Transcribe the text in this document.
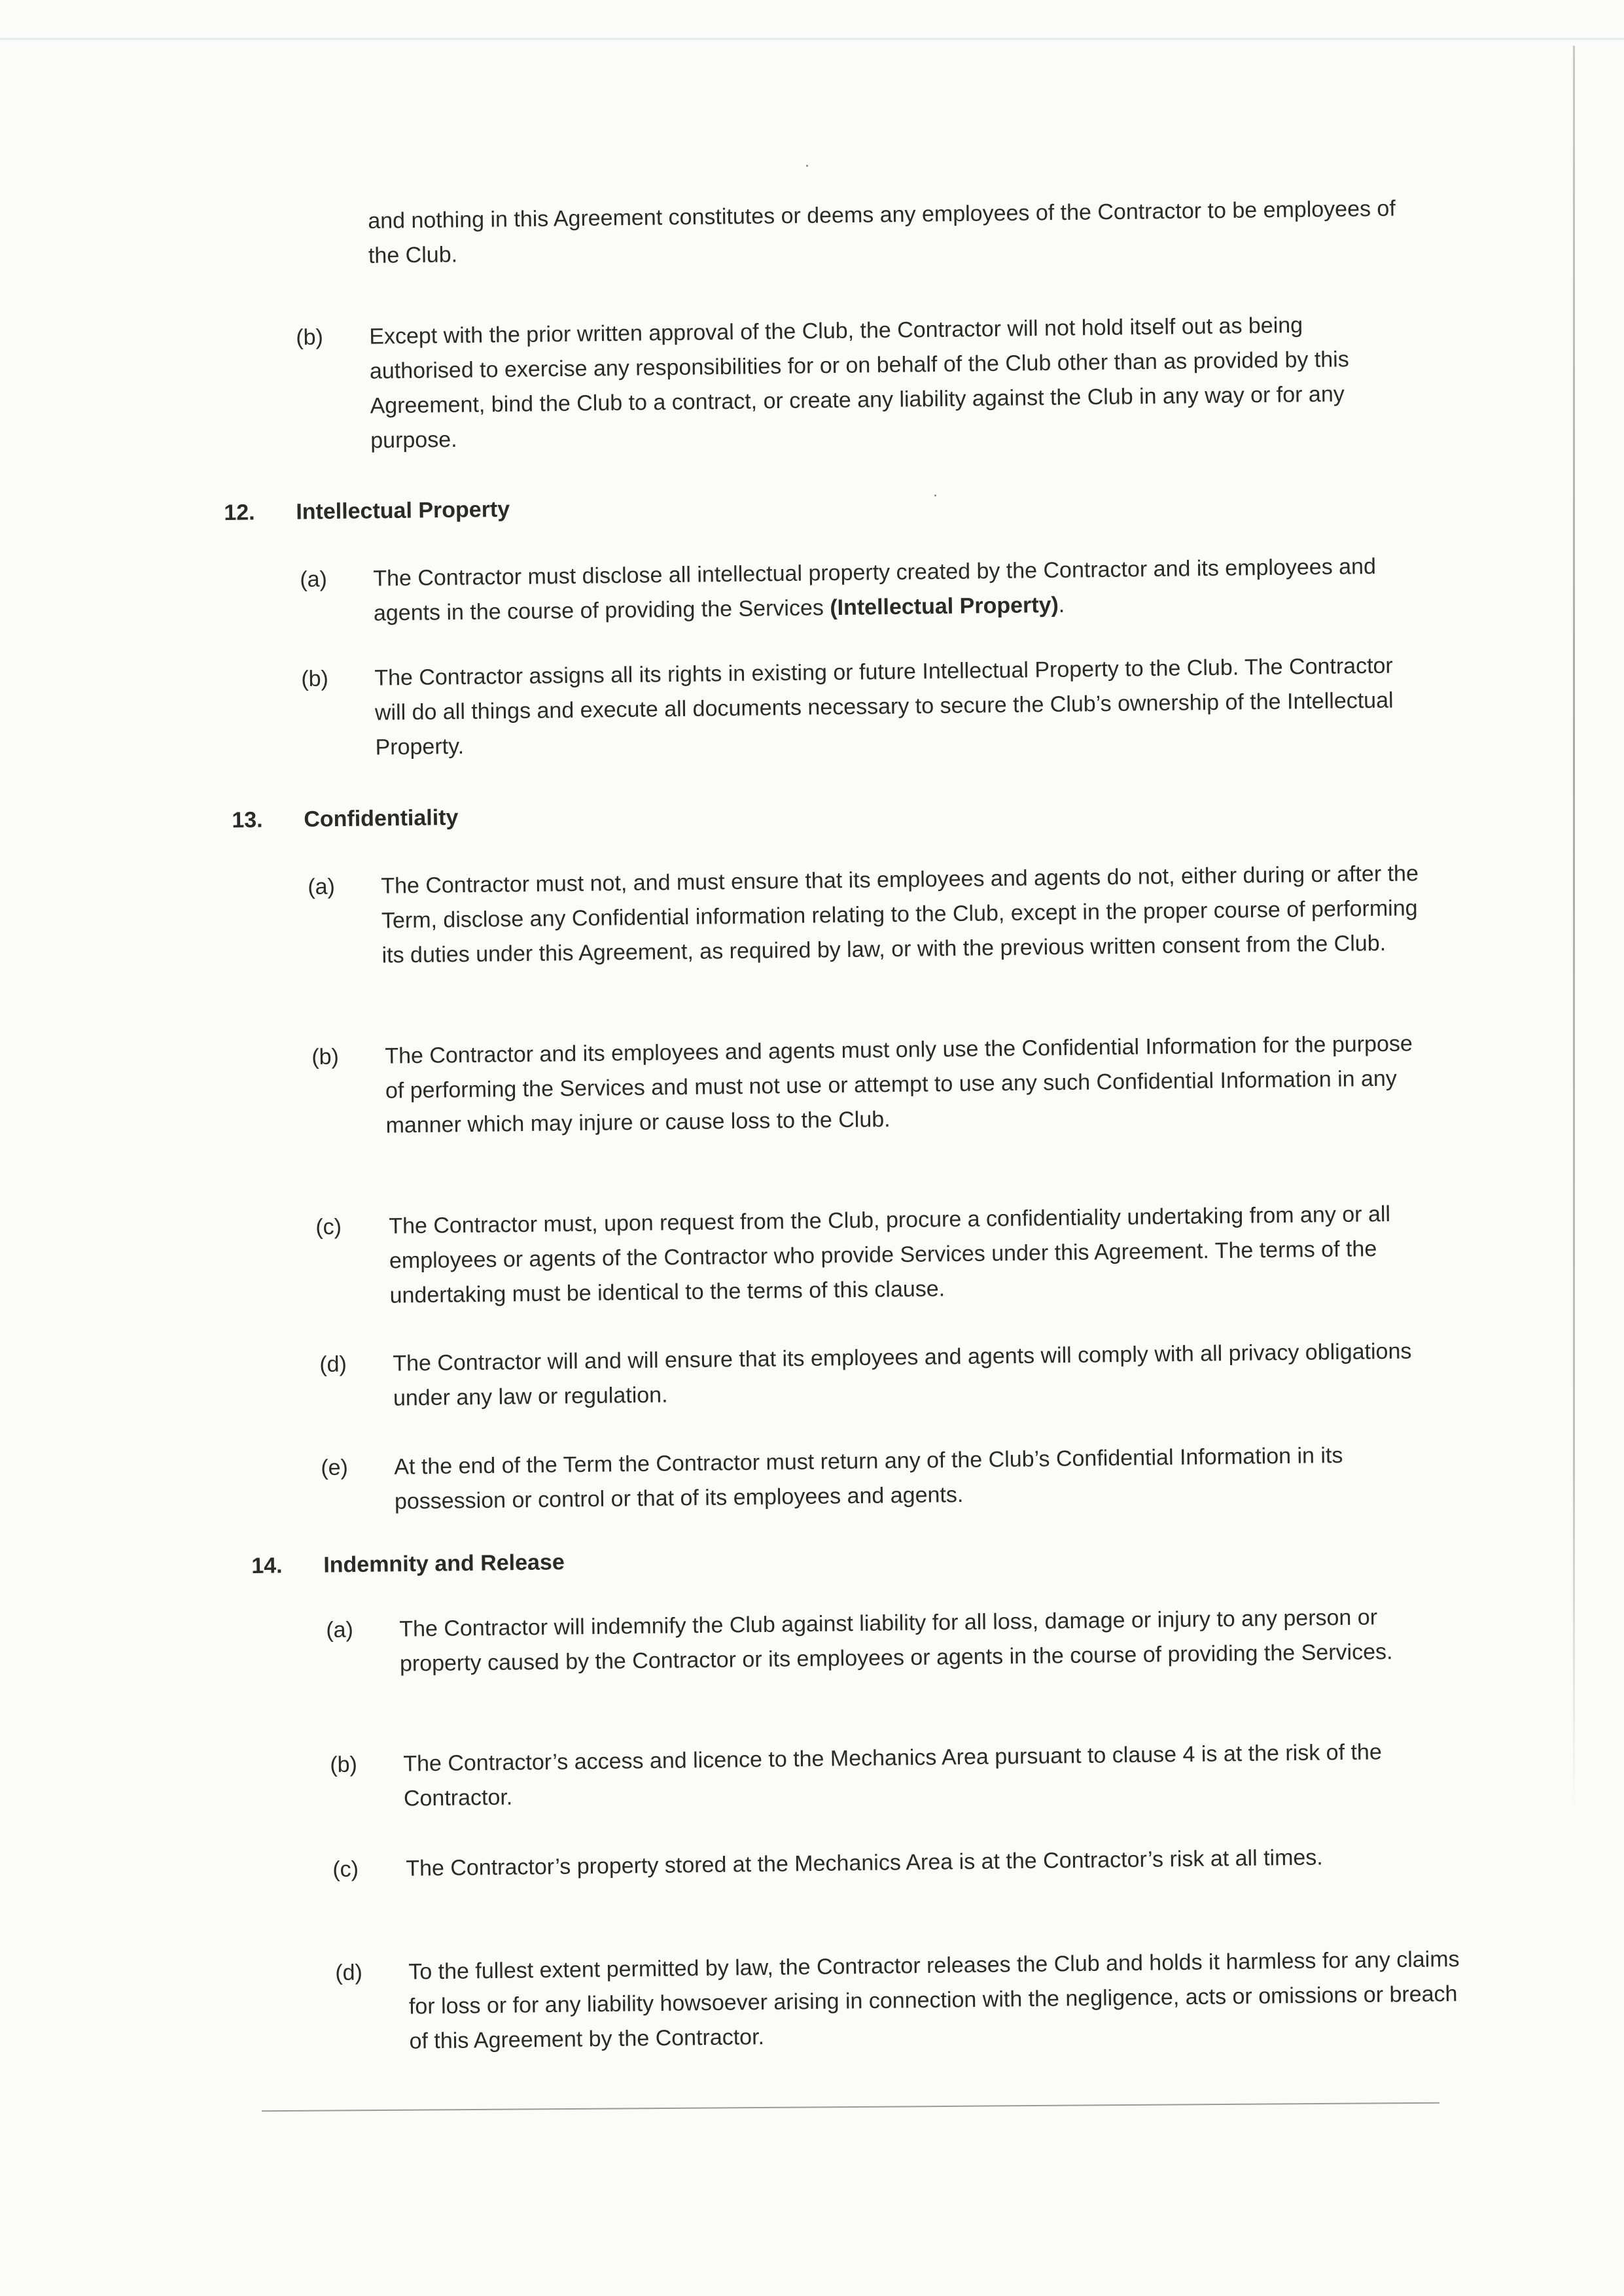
and nothing in this Agreement constitutes or deems any employees of the Contractor to be employees of the Club.
(b) Except with the prior written approval of the Club, the Contractor will not hold itself out as being authorised to exercise any responsibilities for or on behalf of the Club other than as provided by this Agreement, bind the Club to a contract, or create any liability against the Club in any way or for any purpose.
12. Intellectual Property
(a) The Contractor must disclose all intellectual property created by the Contractor and its employees and agents in the course of providing the Services (Intellectual Property).
(b) The Contractor assigns all its rights in existing or future Intellectual Property to the Club. The Contractor will do all things and execute all documents necessary to secure the Club’s ownership of the Intellectual Property.
13. Confidentiality
(a) The Contractor must not, and must ensure that its employees and agents do not, either during or after the Term, disclose any Confidential information relating to the Club, except in the proper course of performing its duties under this Agreement, as required by law, or with the previous written consent from the Club.
(b) The Contractor and its employees and agents must only use the Confidential Information for the purpose of performing the Services and must not use or attempt to use any such Confidential Information in any manner which may injure or cause loss to the Club.
(c) The Contractor must, upon request from the Club, procure a confidentiality undertaking from any or all employees or agents of the Contractor who provide Services under this Agreement. The terms of the undertaking must be identical to the terms of this clause.
(d) The Contractor will and will ensure that its employees and agents will comply with all privacy obligations under any law or regulation.
(e) At the end of the Term the Contractor must return any of the Club’s Confidential Information in its possession or control or that of its employees and agents.
14. Indemnity and Release
(a) The Contractor will indemnify the Club against liability for all loss, damage or injury to any person or property caused by the Contractor or its employees or agents in the course of providing the Services.
(b) The Contractor’s access and licence to the Mechanics Area pursuant to clause 4 is at the risk of the Contractor.
(c) The Contractor’s property stored at the Mechanics Area is at the Contractor’s risk at all times.
(d) To the fullest extent permitted by law, the Contractor releases the Club and holds it harmless for any claims for loss or for any liability howsoever arising in connection with the negligence, acts or omissions or breach of this Agreement by the Contractor.
